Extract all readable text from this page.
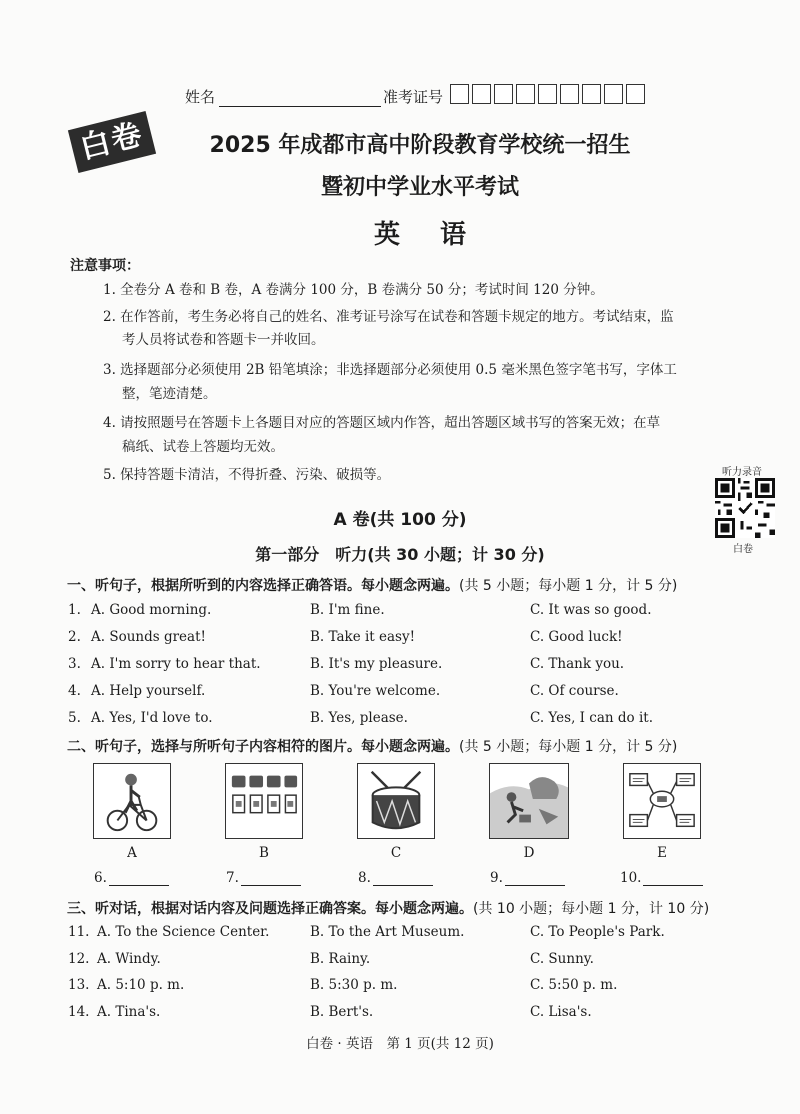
姓名	准考证号
白卷	2025 年成都市高中阶段教育学校统一招生
暨初中学业水平考试
英语
注意事项：
1. 全卷分 A 卷和 B 卷，A 卷满分 100 分，B 卷满分 50 分；考试时间 120 分钟。
2. 在作答前，考生务必将自己的姓名、准考证号涂写在试卷和答题卡规定的地方。考试结束，监
考人员将试卷和答题卡一并收回。
3. 选择题部分必须使用 2B 铅笔填涂；非选择题部分必须使用 0.5 毫米黑色签字笔书写，字体工
整，笔迹清楚。
4. 请按照题号在答题卡上各题目对应的答题区域内作答，超出答题区域书写的答案无效；在草
稿纸、试卷上答题均无效。
5. 保持答题卡清洁，不得折叠、污染、破损等。	听力录音
白卷
A 卷(共 100 分)
第一部分　听力(共 30 小题；计 30 分)
一、听句子，根据所听到的内容选择正确答语。每小题念两遍。(共 5 小题；每小题 1 分，计 5 分)
1. A. Good morning.	B. I'm fine.	C. It was so good.
2. A. Sounds great!	B. Take it easy!	C. Good luck!
3. A. I'm sorry to hear that.	B. It's my pleasure.	C. Thank you.
4. A. Help yourself.	B. You're welcome.	C. Of course.
5. A. Yes, I'd love to.	B. Yes, please.	C. Yes, I can do it.
二、听句子，选择与所听句子内容相符的图片。每小题念两遍。(共 5 小题；每小题 1 分，计 5 分)
A	B	C	D	E
6.	7.	8.	9.	10.
三、听对话，根据对话内容及问题选择正确答案。每小题念两遍。(共 10 小题；每小题 1 分，计 10 分)
11. A. To the Science Center.	B. To the Art Museum.	C. To People's Park.
12. A. Windy.	B. Rainy.	C. Sunny.
13. A. 5:10 p. m.	B. 5:30 p. m.	C. 5:50 p. m.
14. A. Tina's.	B. Bert's.	C. Lisa's.
白卷 · 英语　第 1 页(共 12 页)
